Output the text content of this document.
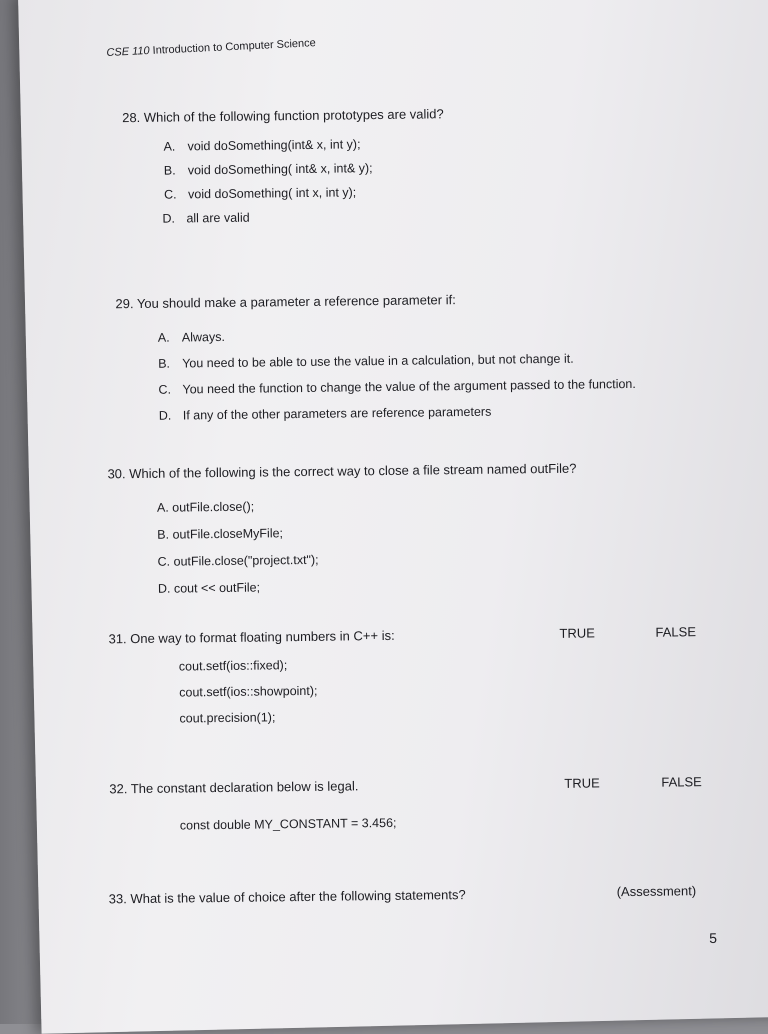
CSE 110 Introduction to Computer Science
28. Which of the following function prototypes are valid?
A. void doSomething(int& x, int y);
B. void doSomething( int& x, int& y);
C. void doSomething( int x, int y);
D. all are valid
29. You should make a parameter a reference parameter if:
A. Always.
B. You need to be able to use the value in a calculation, but not change it.
C. You need the function to change the value of the argument passed to the function.
D. If any of the other parameters are reference parameters
30. Which of the following is the correct way to close a file stream named outFile?
A. outFile.close();
B. outFile.closeMyFile;
C. outFile.close("project.txt");
D. cout << outFile;
31. One way to format floating numbers in C++ is:	TRUE	FALSE
cout.setf(ios::fixed);
cout.setf(ios::showpoint);
cout.precision(1);
32. The constant declaration below is legal.	TRUE	FALSE
const double MY_CONSTANT = 3.456;
33. What is the value of choice after the following statements?	(Assessment)
5
